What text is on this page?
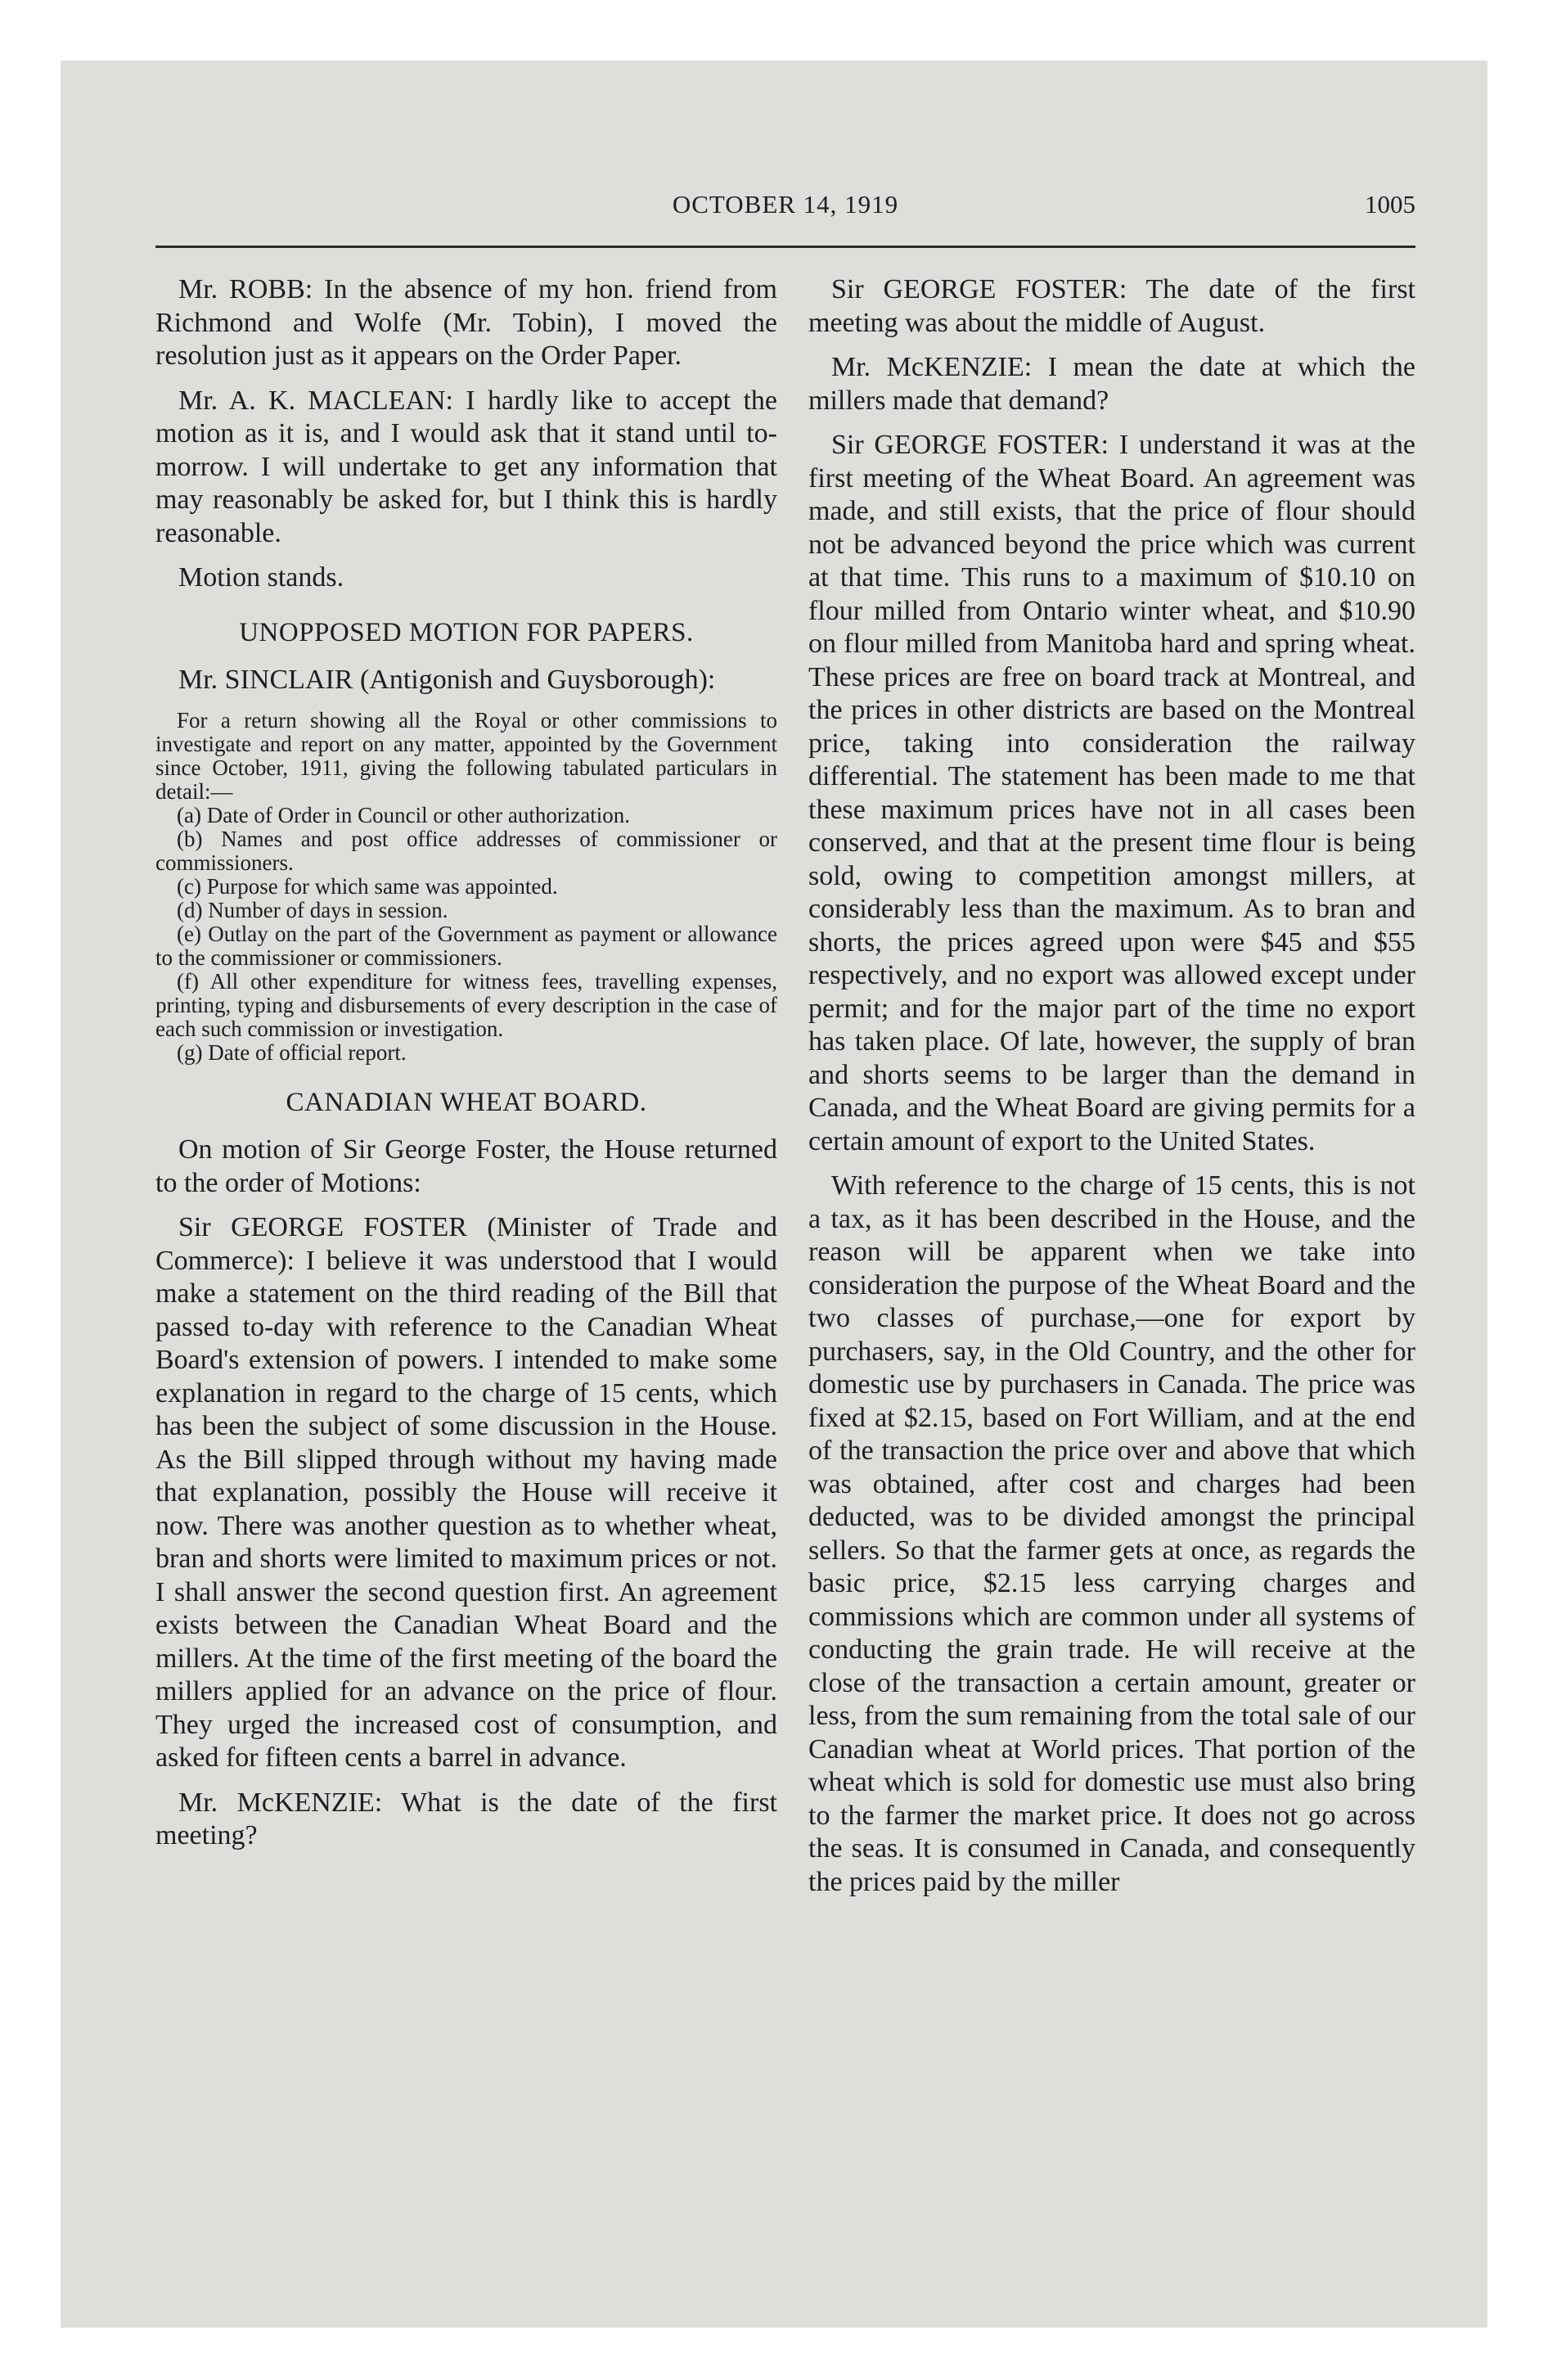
OCTOBER 14, 1919	1005

Mr. ROBB: In the absence of my hon. friend from Richmond and Wolfe (Mr. Tobin), I moved the resolution just as it appears on the Order Paper.

Mr. A. K. MACLEAN: I hardly like to accept the motion as it is, and I would ask that it stand until to-morrow. I will undertake to get any information that may reasonably be asked for, but I think this is hardly reasonable.

Motion stands.

UNOPPOSED MOTION FOR PAPERS.

Mr. SINCLAIR (Antigonish and Guysborough):

For a return showing all the Royal or other commissions to investigate and report on any matter, appointed by the Government since October, 1911, giving the following tabulated particulars in detail:—

(a) Date of Order in Council or other authorization.

(b) Names and post office addresses of commissioner or commissioners.

(c) Purpose for which same was appointed.

(d) Number of days in session.

(e) Outlay on the part of the Government as payment or allowance to the commissioner or commissioners.

(f) All other expenditure for witness fees, travelling expenses, printing, typing and disbursements of every description in the case of each such commission or investigation.

(g) Date of official report.

CANADIAN WHEAT BOARD.

On motion of Sir George Foster, the House returned to the order of Motions:

Sir GEORGE FOSTER (Minister of Trade and Commerce): I believe it was understood that I would make a statement on the third reading of the Bill that passed to-day with reference to the Canadian Wheat Board's extension of powers. I intended to make some explanation in regard to the charge of 15 cents, which has been the subject of some discussion in the House. As the Bill slipped through without my having made that explanation, possibly the House will receive it now. There was another question as to whether wheat, bran and shorts were limited to maximum prices or not. I shall answer the second question first. An agreement exists between the Canadian Wheat Board and the millers. At the time of the first meeting of the board the millers applied for an advance on the price of flour. They urged the increased cost of consumption, and asked for fifteen cents a barrel in advance.

Mr. McKENZIE: What is the date of the first meeting?

Sir GEORGE FOSTER: The date of the first meeting was about the middle of August.

Mr. McKENZIE: I mean the date at which the millers made that demand?

Sir GEORGE FOSTER: I understand it was at the first meeting of the Wheat Board. An agreement was made, and still exists, that the price of flour should not be advanced beyond the price which was current at that time. This runs to a maximum of $10.10 on flour milled from Ontario winter wheat, and $10.90 on flour milled from Manitoba hard and spring wheat. These prices are free on board track at Montreal, and the prices in other districts are based on the Montreal price, taking into consideration the railway differential. The statement has been made to me that these maximum prices have not in all cases been conserved, and that at the present time flour is being sold, owing to competition amongst millers, at considerably less than the maximum. As to bran and shorts, the prices agreed upon were $45 and $55 respectively, and no export was allowed except under permit; and for the major part of the time no export has taken place. Of late, however, the supply of bran and shorts seems to be larger than the demand in Canada, and the Wheat Board are giving permits for a certain amount of export to the United States.

With reference to the charge of 15 cents, this is not a tax, as it has been described in the House, and the reason will be apparent when we take into consideration the purpose of the Wheat Board and the two classes of purchase,—one for export by purchasers, say, in the Old Country, and the other for domestic use by purchasers in Canada. The price was fixed at $2.15, based on Fort William, and at the end of the transaction the price over and above that which was obtained, after cost and charges had been deducted, was to be divided amongst the principal sellers. So that the farmer gets at once, as regards the basic price, $2.15 less carrying charges and commissions which are common under all systems of conducting the grain trade. He will receive at the close of the transaction a certain amount, greater or less, from the sum remaining from the total sale of our Canadian wheat at World prices. That portion of the wheat which is sold for domestic use must also bring to the farmer the market price. It does not go across the seas. It is consumed in Canada, and consequently the prices paid by the miller
